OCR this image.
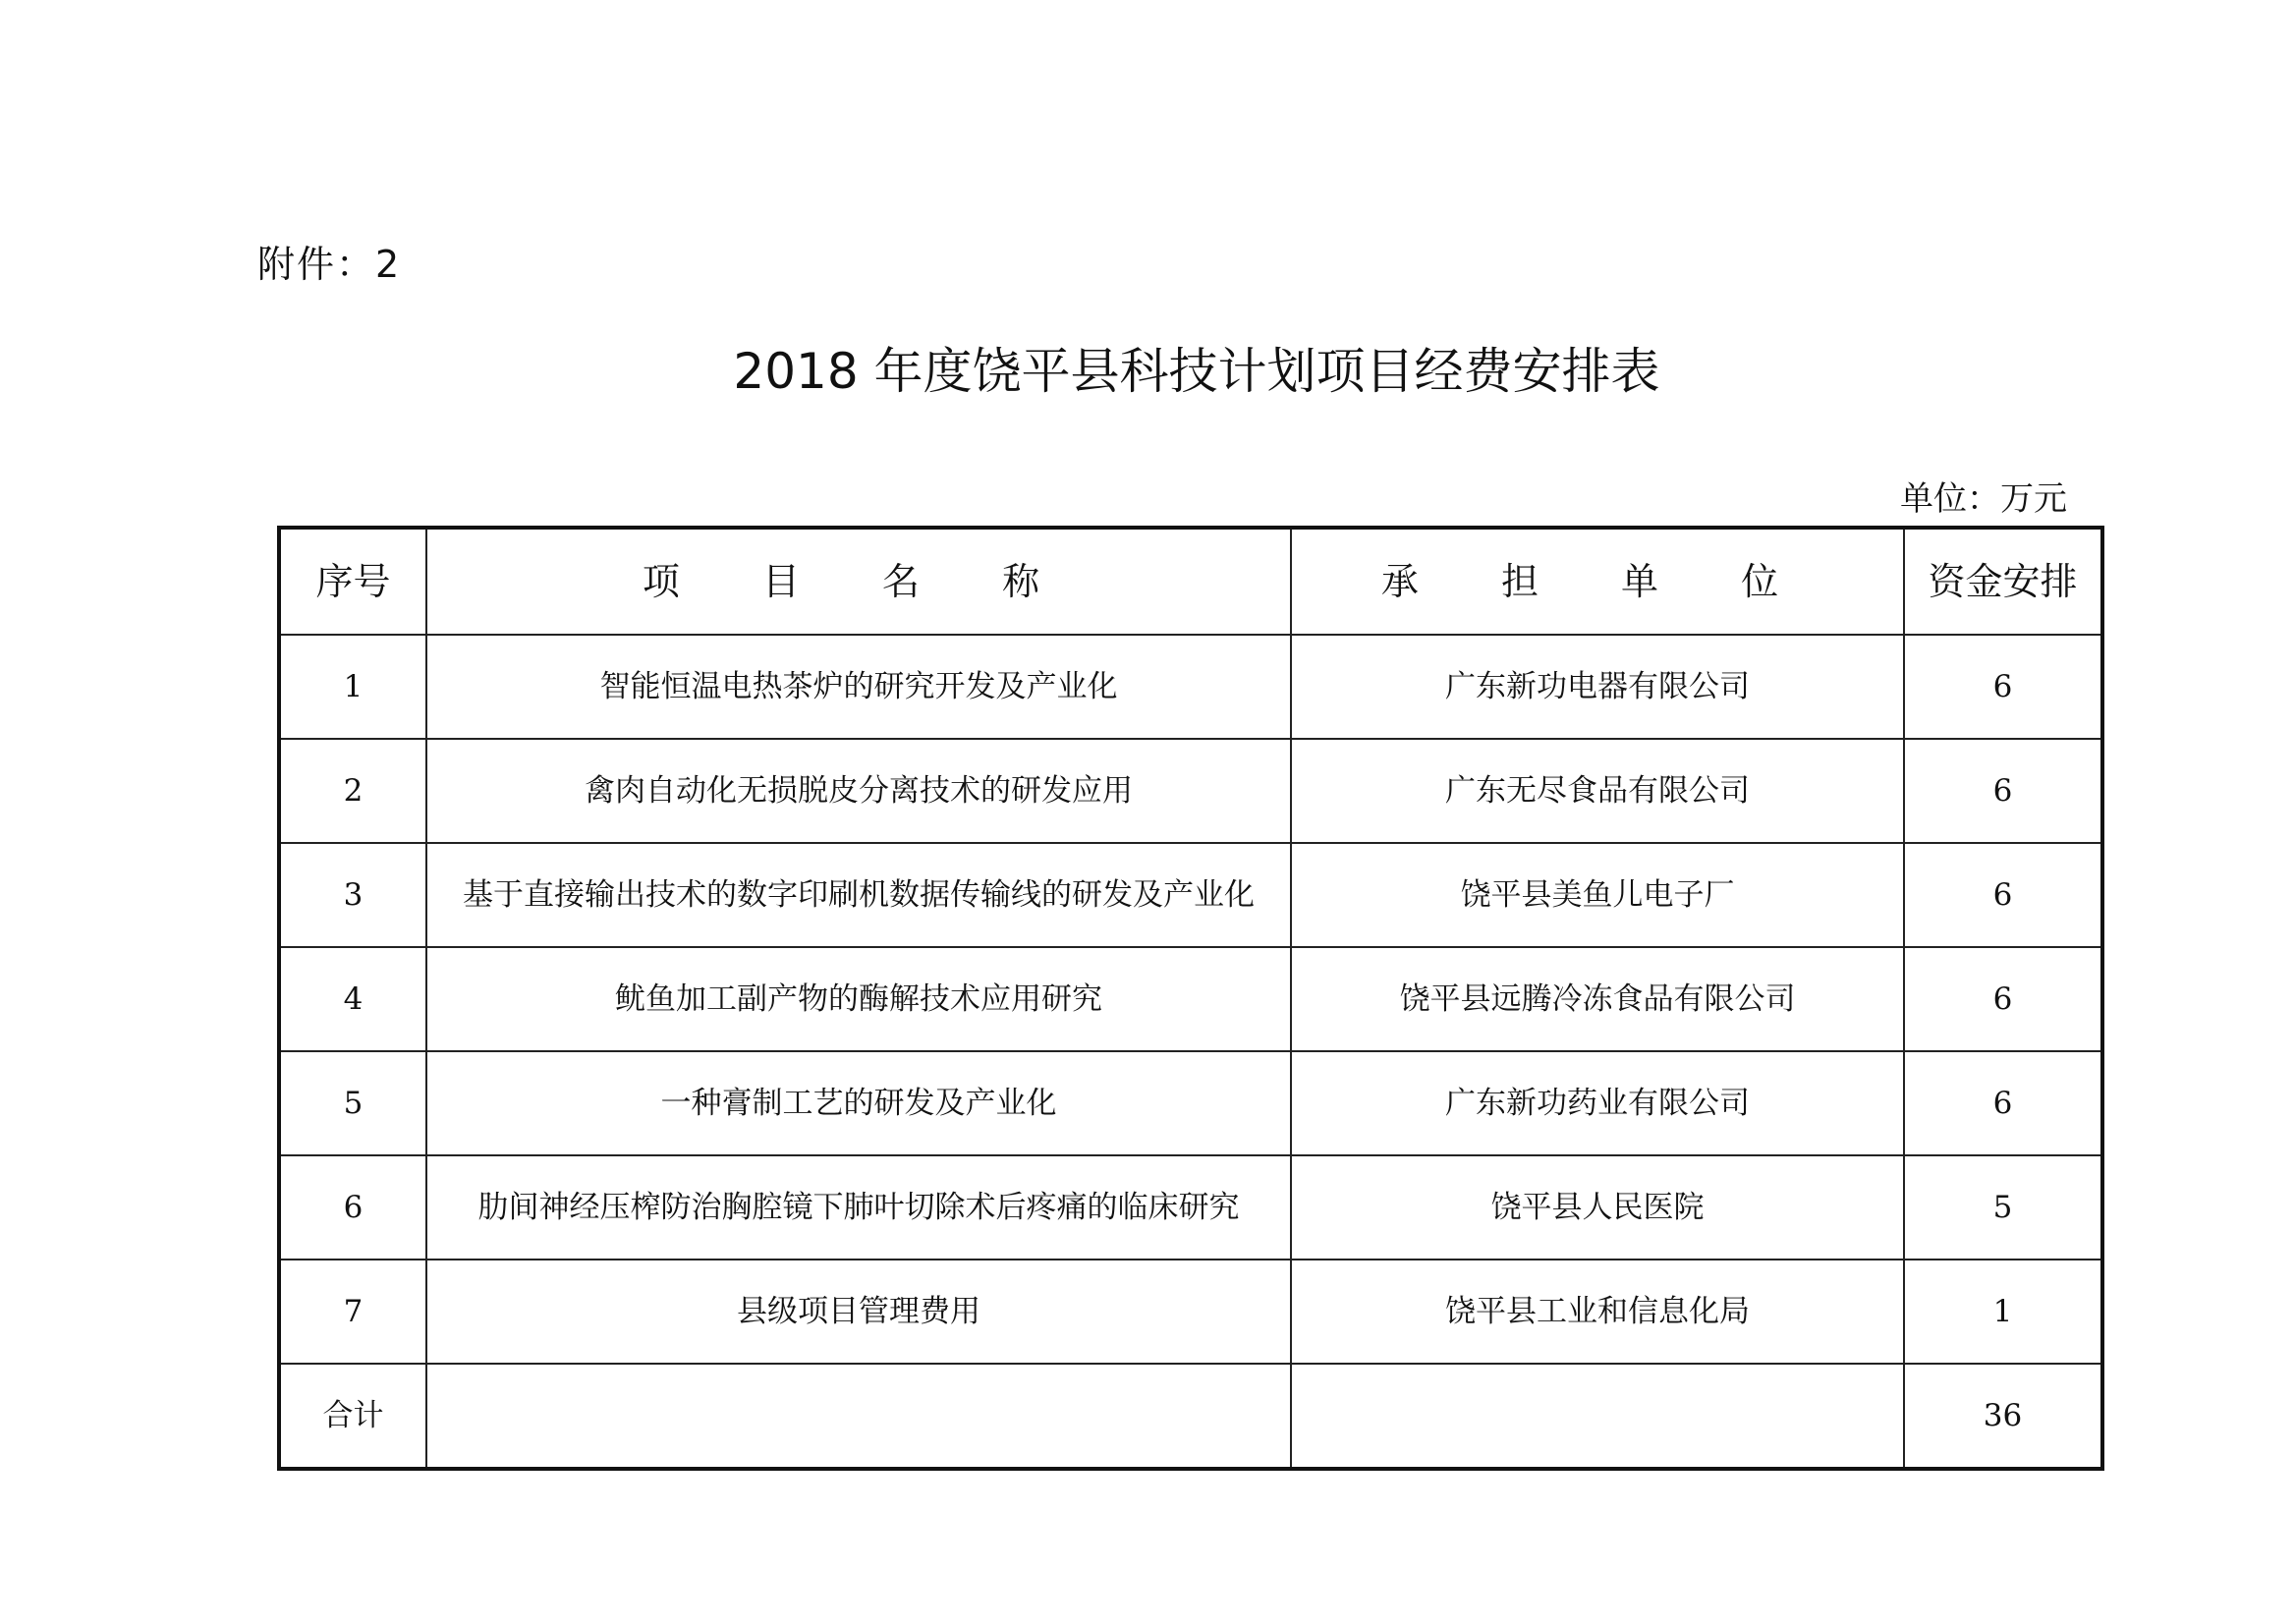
附件：2
2018 年度饶平县科技计划项目经费安排表
单位：万元
序号	项 目 名 称	承 担 单 位	资金安排
1	智能恒温电热茶炉的研究开发及产业化	广东新功电器有限公司	6
2	禽肉自动化无损脱皮分离技术的研发应用	广东无尽食品有限公司	6
3	基于直接输出技术的数字印刷机数据传输线的研发及产业化	饶平县美鱼儿电子厂	6
4	鱿鱼加工副产物的酶解技术应用研究	饶平县远腾冷冻食品有限公司	6
5	一种膏制工艺的研发及产业化	广东新功药业有限公司	6
6	肋间神经压榨防治胸腔镜下肺叶切除术后疼痛的临床研究	饶平县人民医院	5
7	县级项目管理费用	饶平县工业和信息化局	1
合计			36
